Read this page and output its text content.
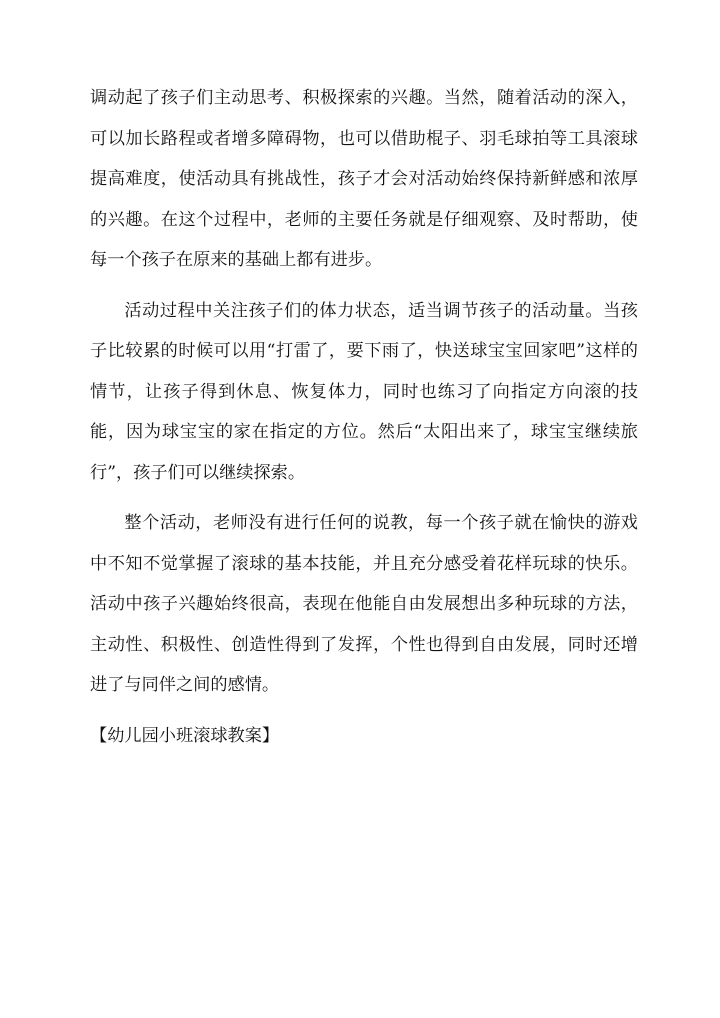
调动起了孩子们主动思考、积极探索的兴趣。当然，随着活动的深入，可以加长路程或者增多障碍物，也可以借助棍子、羽毛球拍等工具滚球提高难度，使活动具有挑战性，孩子才会对活动始终保持新鲜感和浓厚的兴趣。在这个过程中，老师的主要任务就是仔细观察、及时帮助，使每一个孩子在原来的基础上都有进步。

活动过程中关注孩子们的体力状态，适当调节孩子的活动量。当孩子比较累的时候可以用“打雷了，要下雨了，快送球宝宝回家吧”这样的情节，让孩子得到休息、恢复体力，同时也练习了向指定方向滚的技能，因为球宝宝的家在指定的方位。然后“太阳出来了，球宝宝继续旅行”，孩子们可以继续探索。

整个活动，老师没有进行任何的说教，每一个孩子就在愉快的游戏中不知不觉掌握了滚球的基本技能，并且充分感受着花样玩球的快乐。活动中孩子兴趣始终很高，表现在他能自由发展想出多种玩球的方法，主动性、积极性、创造性得到了发挥，个性也得到自由发展，同时还增进了与同伴之间的感情。

【幼儿园小班滚球教案】
